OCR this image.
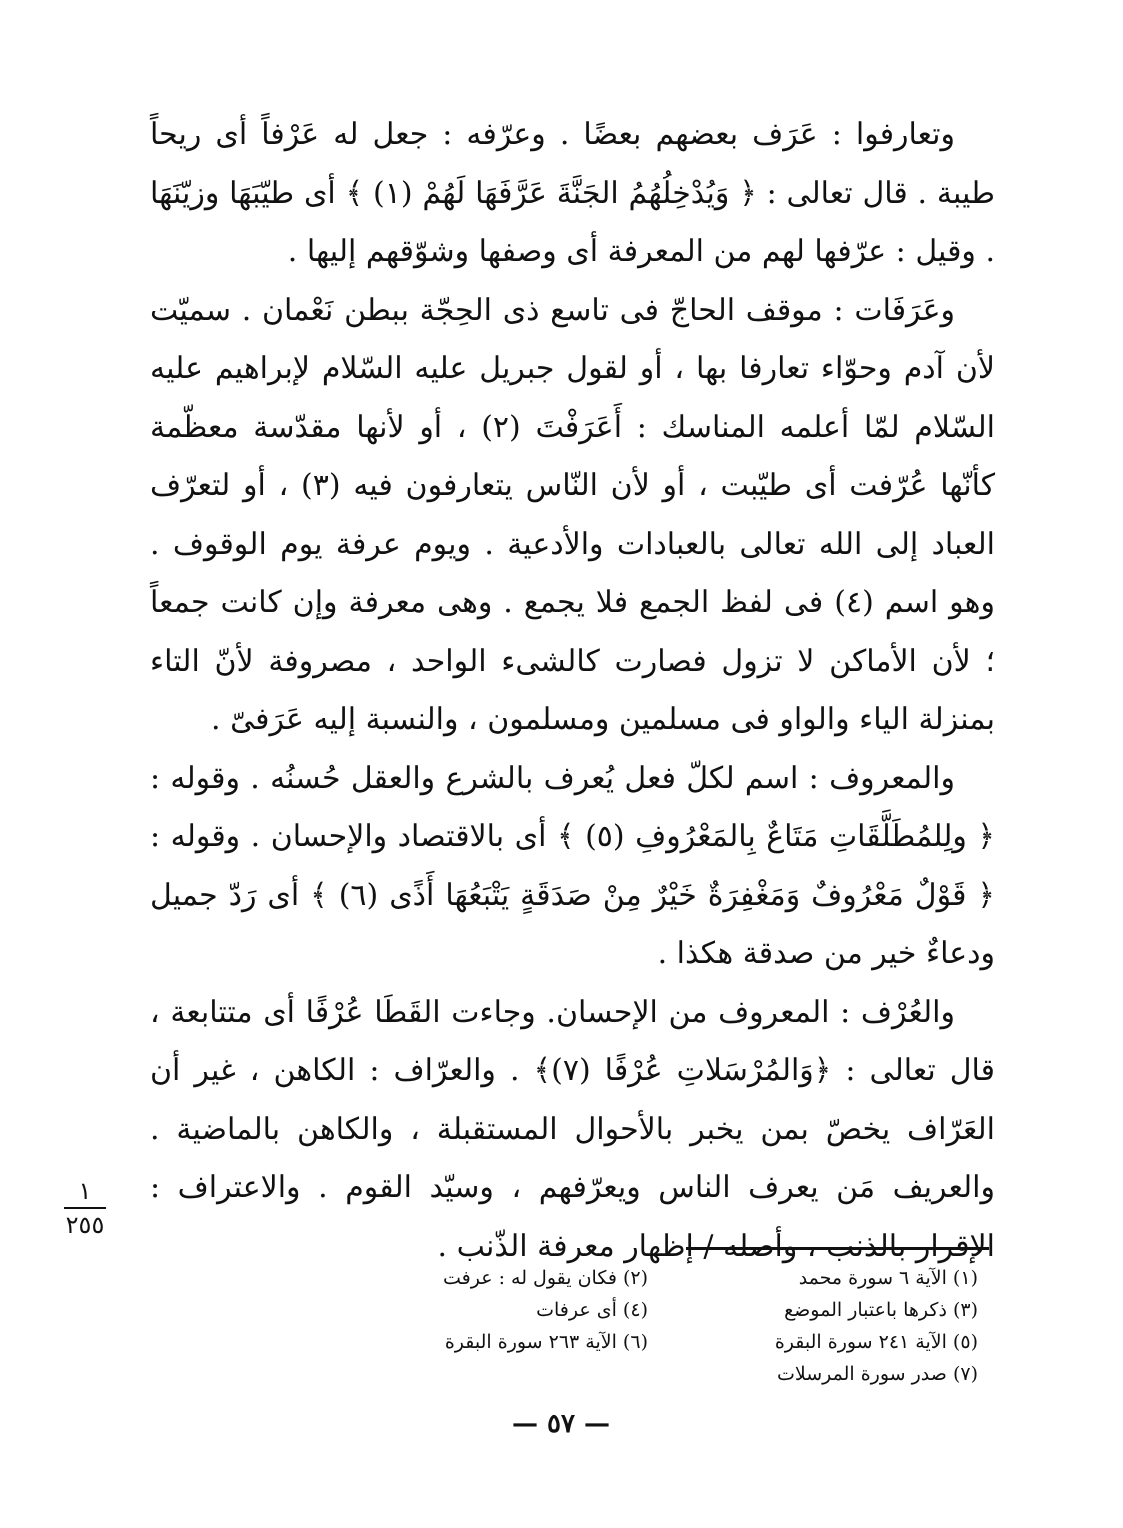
وتعارفوا : عَرَف بعضهم بعضًا . وعرّفه : جعل له عَرْفاً أى ريحاً طيبة . قال تعالى : ﴿ وَيُدْخِلُهُمُ الجَنَّةَ عَرَّفَهَا لَهُمْ (١) ﴾ أى طيّبَهَا وزيّنَهَا . وقيل : عرّفها لهم من المعرفة أى وصفها وشوّقهم إليها .

وعَرَفَات : موقف الحاجّ فى تاسع ذى الحِجّة ببطن نَعْمان . سميّت لأن آدم وحوّاء تعارفا بها ، أو لقول جبريل عليه السّلام لإبراهيم عليه السّلام لمّا أعلمه المناسك : أَعَرَفْتَ (٢) ، أو لأنها مقدّسة معظّمة كأنّها عُرّفت أى طيّبت ، أو لأن النّاس يتعارفون فيه (٣) ، أو لتعرّف العباد إلى الله تعالى بالعبادات والأدعية . ويوم عرفة يوم الوقوف . وهو اسم (٤) فى لفظ الجمع فلا يجمع . وهى معرفة وإن كانت جمعاً ؛ لأن الأماكن لا تزول فصارت كالشىء الواحد ، مصروفة لأنّ التاء بمنزلة الياء والواو فى مسلمين ومسلمون ، والنسبة إليه عَرَفىّ .

والمعروف : اسم لكلّ فعل يُعرف بالشرع والعقل حُسنُه . وقوله : ﴿ ولِلمُطَلَّقَاتِ مَتَاعٌ بِالمَعْرُوفِ (٥) ﴾ أى بالاقتصاد والإحسان . وقوله : ﴿ قَوْلٌ مَعْرُوفٌ وَمَغْفِرَةٌ خَيْرٌ مِنْ صَدَقَةٍ يَتْبَعُهَا أَذًى (٦) ﴾ أى رَدّ جميل ودعاءٌ خير من صدقة هكذا .

والعُرْف : المعروف من الإحسان. وجاءت القَطَا عُرْفًا أى متتابعة ، قال تعالى : ﴿وَالمُرْسَلاتِ عُرْفًا (٧)﴾ . والعرّاف : الكاهن ، غير أن العَرّاف يخصّ بمن يخبر بالأحوال المستقبلة ، والكاهن بالماضية . والعريف مَن يعرف الناس ويعرّفهم ، وسيّد القوم . والاعتراف : الإقرار بالذنب ، وأصله / إظهار معرفة الذّنب .

١
٢٥٥
(١) الآية ٦ سورة محمد
(٢) فكان يقول له : عرفت
(٣) ذكرها باعتبار الموضع
(٤) أى عرفات
(٥) الآية ٢٤١ سورة البقرة
(٦) الآية ٢٦٣ سورة البقرة
(٧) صدر سورة المرسلات
— ٥٧ —
